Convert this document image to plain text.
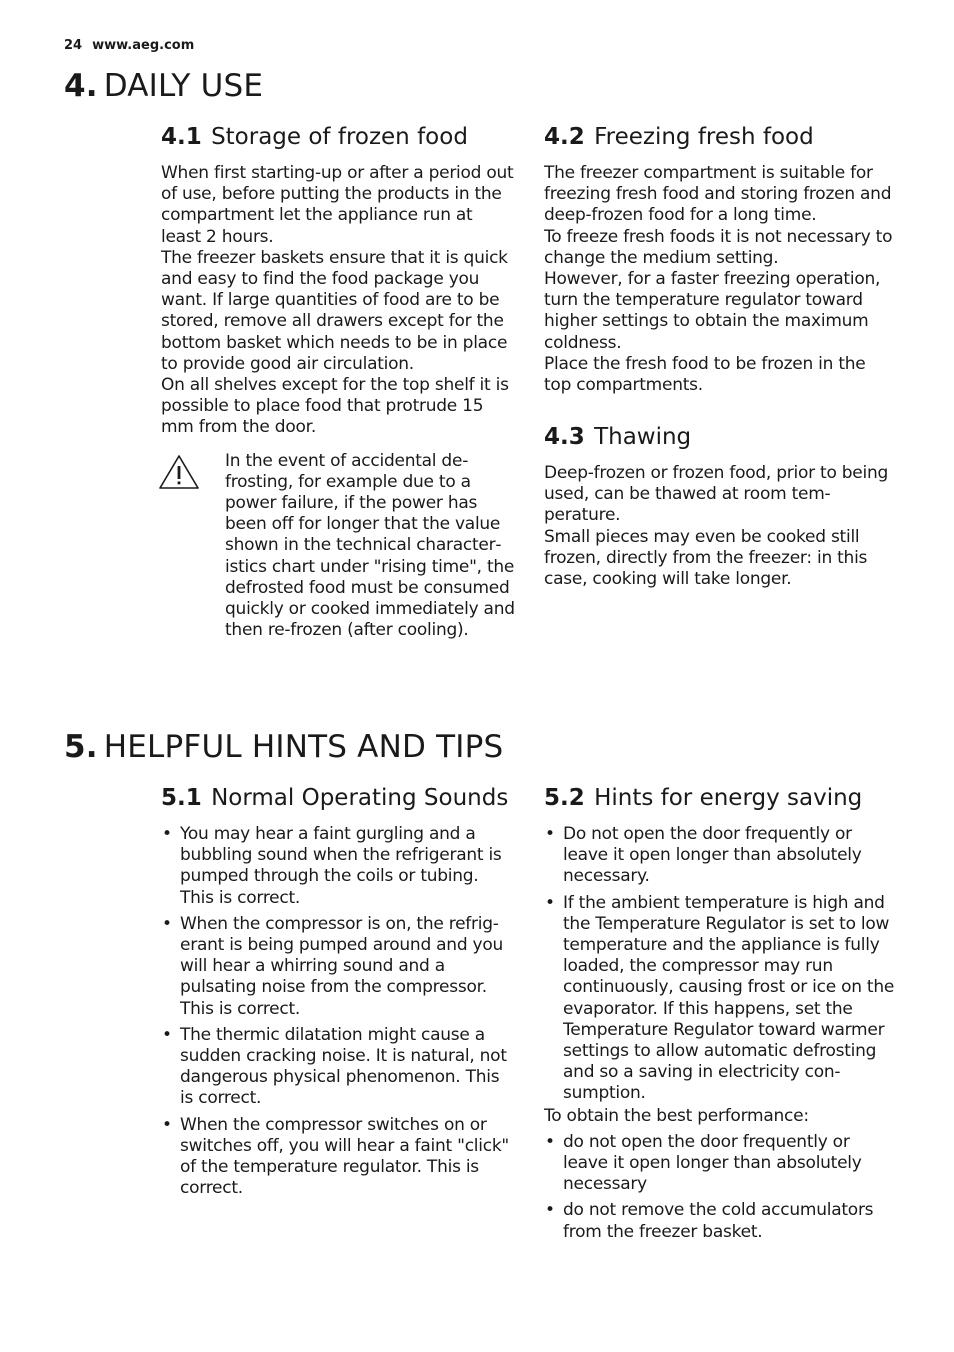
24 www.aeg.com
4. DAILY USE
4.1 Storage of frozen food

When first starting-up or after a period out of use, before putting the products in the compartment let the appliance run at least 2 hours.

The freezer baskets ensure that it is quick and easy to find the food package you want. If large quantities of food are to be stored, remove all drawers except for the bottom basket which needs to be in place to provide good air circulation.

On all shelves except for the top shelf it is possible to place food that protrude 15 mm from the door.

In the event of accidental defrosting, for example due to a power failure, if the power has been off for longer that the value shown in the technical characteristics chart under "rising time", the defrosted food must be consumed quickly or cooked immediately and then re-frozen (after cooling).
4.2 Freezing fresh food

The freezer compartment is suitable for freezing fresh food and storing frozen and deep-frozen food for a long time.

To freeze fresh foods it is not necessary to change the medium setting.

However, for a faster freezing operation, turn the temperature regulator toward higher settings to obtain the maximum coldness.

Place the fresh food to be frozen in the top compartments.

4.3 Thawing

Deep-frozen or frozen food, prior to being used, can be thawed at room temperature.

Small pieces may even be cooked still frozen, directly from the freezer: in this case, cooking will take longer.

5. HELPFUL HINTS AND TIPS
5.1 Normal Operating Sounds
• You may hear a faint gurgling and a bubbling sound when the refrigerant is pumped through the coils or tubing. This is correct.
• When the compressor is on, the refrigerant is being pumped around and you will hear a whirring sound and a pulsating noise from the compressor. This is correct.
• The thermic dilatation might cause a sudden cracking noise. It is natural, not dangerous physical phenomenon. This is correct.
• When the compressor switches on or switches off, you will hear a faint "click" of the temperature regulator. This is correct.
5.2 Hints for energy saving
• Do not open the door frequently or leave it open longer than absolutely necessary.
• If the ambient temperature is high and the Temperature Regulator is set to low temperature and the appliance is fully loaded, the compressor may run continuously, causing frost or ice on the evaporator. If this happens, set the Temperature Regulator toward warmer settings to allow automatic defrosting and so a saving in electricity consumption.

To obtain the best performance:

• do not open the door frequently or leave it open longer than absolutely necessary
• do not remove the cold accumulators from the freezer basket.
